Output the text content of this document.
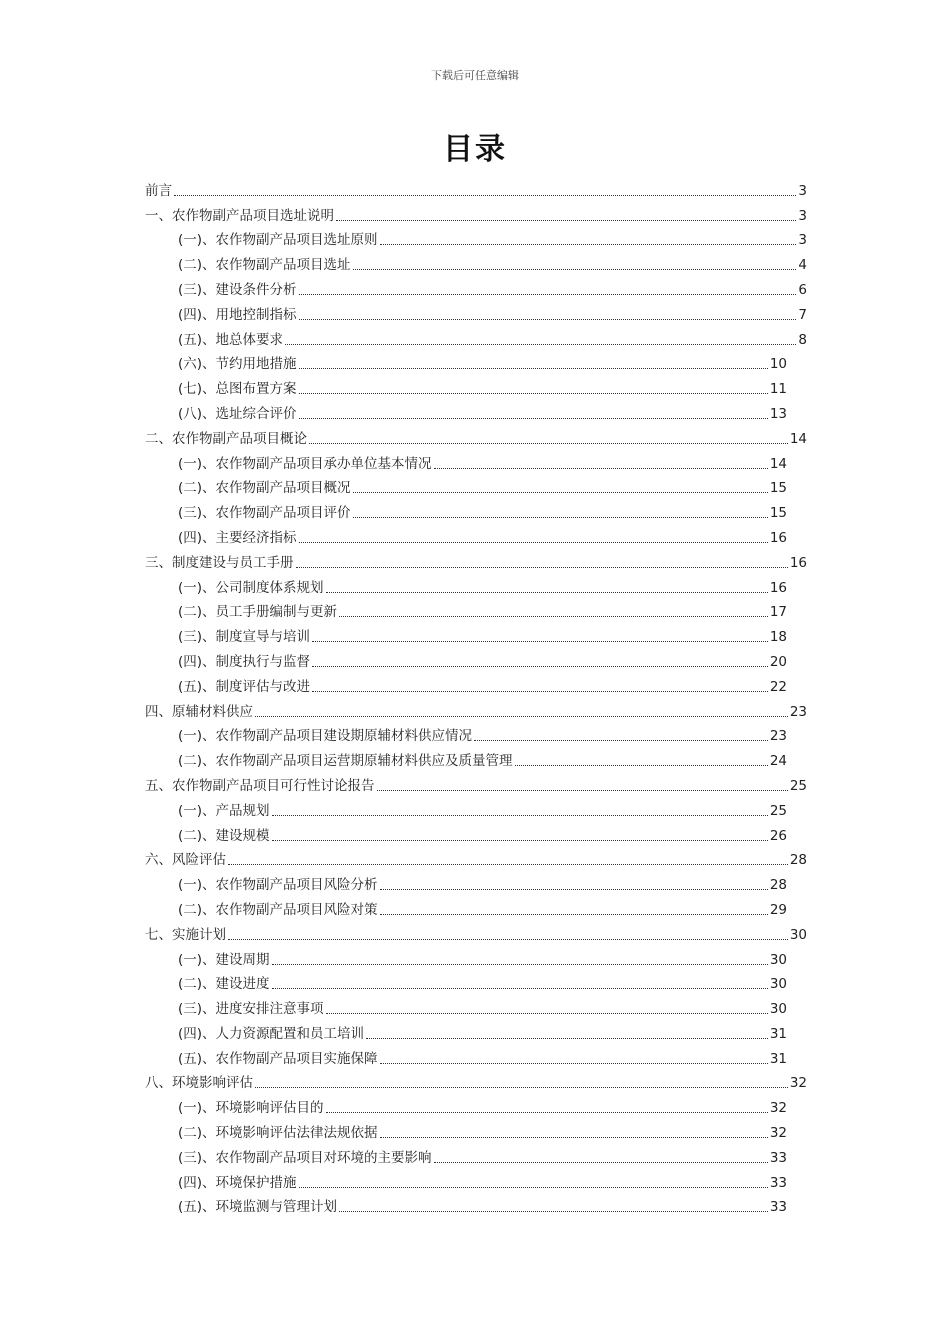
下载后可任意编辑
目录
前言	3
一、农作物副产品项目选址说明	3
(一)、农作物副产品项目选址原则	3
(二)、农作物副产品项目选址	4
(三)、建设条件分析	6
(四)、用地控制指标	7
(五)、地总体要求	8
(六)、节约用地措施	10
(七)、总图布置方案	11
(八)、选址综合评价	13
二、农作物副产品项目概论	14
(一)、农作物副产品项目承办单位基本情况	14
(二)、农作物副产品项目概况	15
(三)、农作物副产品项目评价	15
(四)、主要经济指标	16
三、制度建设与员工手册	16
(一)、公司制度体系规划	16
(二)、员工手册编制与更新	17
(三)、制度宣导与培训	18
(四)、制度执行与监督	20
(五)、制度评估与改进	22
四、原辅材料供应	23
(一)、农作物副产品项目建设期原辅材料供应情况	23
(二)、农作物副产品项目运营期原辅材料供应及质量管理	24
五、农作物副产品项目可行性讨论报告	25
(一)、产品规划	25
(二)、建设规模	26
六、风险评估	28
(一)、农作物副产品项目风险分析	28
(二)、农作物副产品项目风险对策	29
七、实施计划	30
(一)、建设周期	30
(二)、建设进度	30
(三)、进度安排注意事项	30
(四)、人力资源配置和员工培训	31
(五)、农作物副产品项目实施保障	31
八、环境影响评估	32
(一)、环境影响评估目的	32
(二)、环境影响评估法律法规依据	32
(三)、农作物副产品项目对环境的主要影响	33
(四)、环境保护措施	33
(五)、环境监测与管理计划	33
